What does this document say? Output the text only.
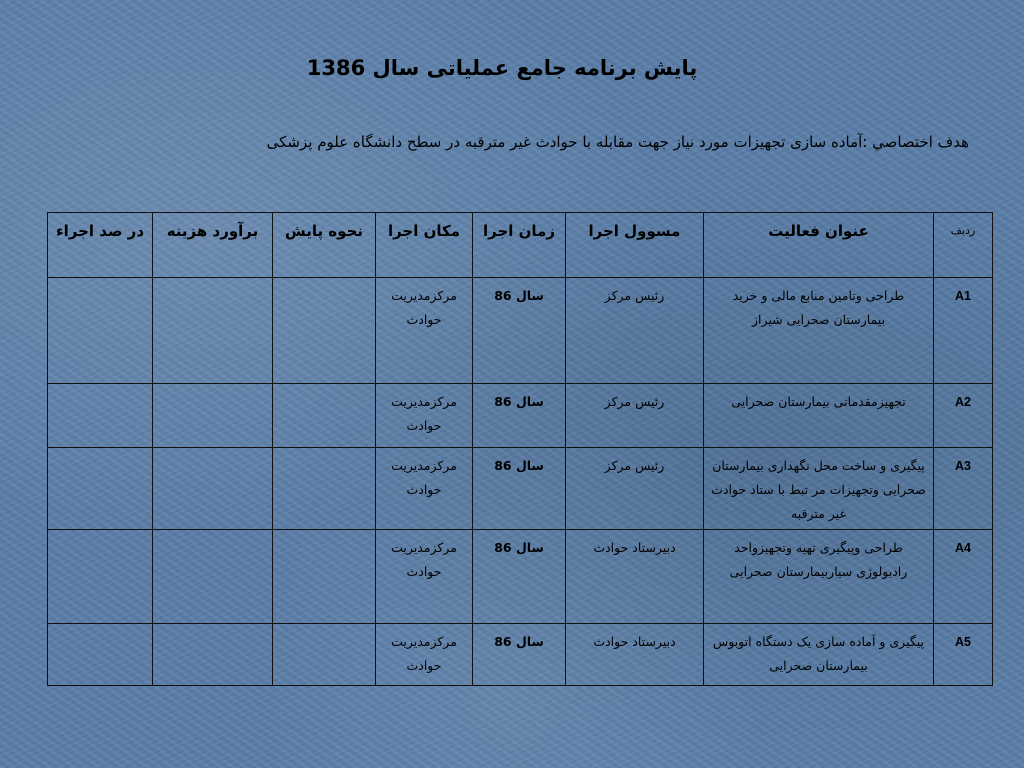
پایش برنامه جامع عملیاتی سال 1386
هدف اختصاصي :آماده سازی تجهیزات مورد نیاز جهت مقابله با حوادث غیر مترقبه در سطح دانشگاه علوم پزشکی
ردیف	عنوان فعالیت	مسوول اجرا	زمان اجرا	مکان اجرا	نحوه پایش	برآورد هزینه	در صد اجراء
A1	طراحی وتامین منابع مالی و خرید بیمارستان صحرایی شیراز	رئیس مرکز	سال 86	مرکزمدیریت حوادث			
A2	تجهیزمقدماتی بیمارستان صحرایی	رئیس مرکز	سال 86	مرکزمدیریت حوادث			
A3	پیگیری و ساخت محل نگهداری بیمارستان صحرایی وتجهیزات مر تبط با ستاد حوادث غیر مترقبه	رئیس مرکز	سال 86	مرکزمدیریت حوادث			
A4	طراحی وپیگیری تهیه وتجهیزواحد رادیولوژی سیاربیمارستان صحرایی	دبیرستاد حوادث	سال 86	مرکزمدیریت حوادث			
A5	پیگیری و آماده سازی یک دستگاه اتوبوس بیمارستان صحرایی	دبیرستاد حوادث	سال 86	مرکزمدیریت حوادث			
